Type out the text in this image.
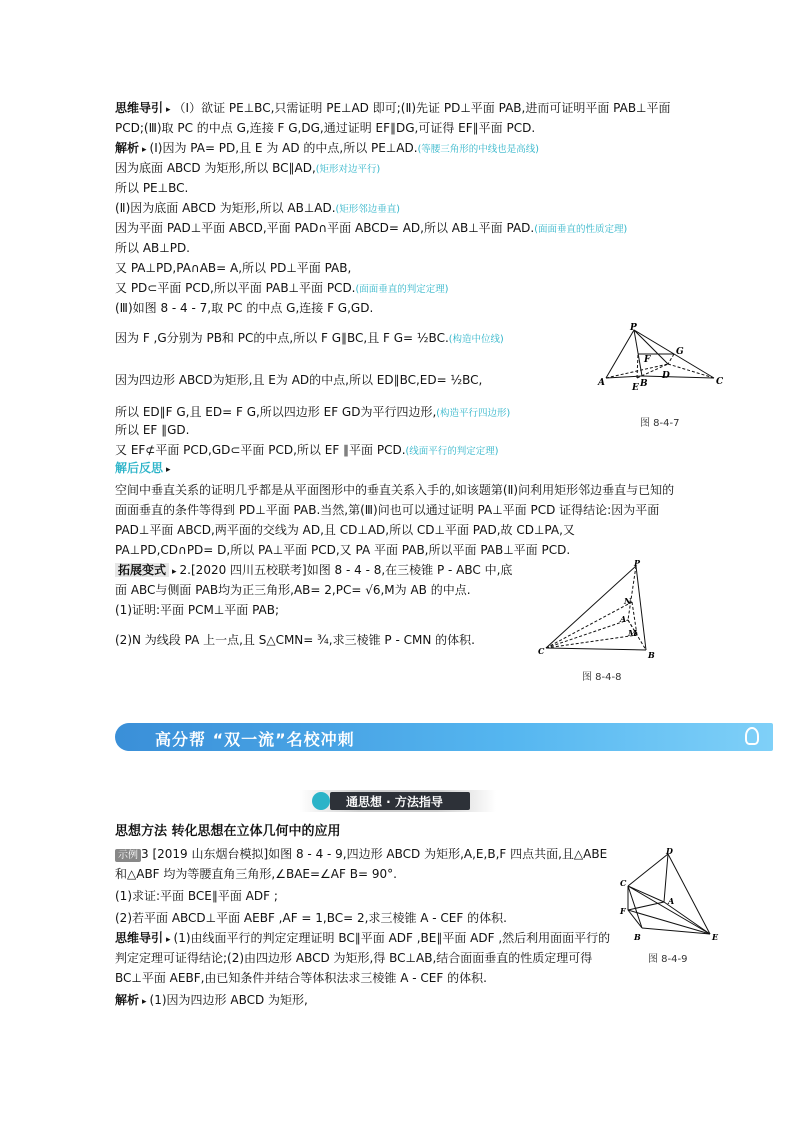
思维导引 ▸ （Ⅰ）欲证 PE⊥BC,只需证明 PE⊥AD 即可;(Ⅱ)先证 PD⊥平面 PAB,进而可证明平面 PAB⊥平面
PCD;(Ⅲ)取 PC 的中点 G,连接 F G,DG,通过证明 EF∥DG,可证得 EF∥平面 PCD.
解析 ▸ (Ⅰ)因为 PA= PD,且 E 为 AD 的中点,所以 PE⊥AD.(等腰三角形的中线也是高线)
因为底面 ABCD 为矩形,所以 BC∥AD,(矩形对边平行)
所以 PE⊥BC.
(Ⅱ)因为底面 ABCD 为矩形,所以 AB⊥AD.(矩形邻边垂直)
因为平面 PAD⊥平面 ABCD,平面 PAD∩平面 ABCD= AD,所以 AB⊥平面 PAD.(面面垂直的性质定理)
所以 AB⊥PD.
又 PA⊥PD,PA∩AB= A,所以 PD⊥平面 PAB,
又 PD⊂平面 PCD,所以平面 PAB⊥平面 PCD.(面面垂直的判定定理)
(Ⅲ)如图 8 - 4 - 7,取 PC 的中点 G,连接 F G,GD.
因为 F ,G分别为 PB和 PC的中点,所以 F G∥BC,且 F G= ½BC.(构造中位线)
因为四边形 ABCD为矩形,且 E为 AD的中点,所以 ED∥BC,ED= ½BC,
所以 ED∥F G,且 ED= F G,所以四边形 EF GD为平行四边形,(构造平行四边形)
所以 EF ∥GD.
又 EF⊄平面 PCD,GD⊂平面 PCD,所以 EF ∥平面 PCD.(线面平行的判定定理)
解后反思 ▸
空间中垂直关系的证明几乎都是从平面图形中的垂直关系入手的,如该题第(Ⅱ)问利用矩形邻边垂直与已知的
面面垂直的条件等得到 PD⊥平面 PAB.当然,第(Ⅲ)问也可以通过证明 PA⊥平面 PCD 证得结论:因为平面
PAD⊥平面 ABCD,两平面的交线为 AD,且 CD⊥AD,所以 CD⊥平面 PAD,故 CD⊥PA,又
PA⊥PD,CD∩PD= D,所以 PA⊥平面 PCD,又 PA 平面 PAB,所以平面 PAB⊥平面 PCD.
拓展变式 ▸ 2.[2020 四川五校联考]如图 8 - 4 - 8,在三棱锥 P - ABC 中,底
面 ABC与侧面 PAB均为正三角形,AB= 2,PC= √6,M为 AB 的中点.
(1)证明:平面 PCM⊥平面 PAB;
(2)N 为线段 PA 上一点,且 S△CMN= ¾,求三棱锥 P - CMN 的体积.
P
A	B	C
D
E
F
G
图 8-4-7
P
C	B
A
N
M
图 8-4-8
高分帮 “双一流”名校冲刺
通思想 · 方法指导
思想方法 转化思想在立体几何中的应用
示例 3 [2019 山东烟台模拟]如图 8 - 4 - 9,四边形 ABCD 为矩形,A,E,B,F 四点共面,且△ABE
和△ABF 均为等腰直角三角形,∠BAE=∠AF B= 90°.
(1)求证:平面 BCE∥平面 ADF ;
(2)若平面 ABCD⊥平面 AEBF ,AF = 1,BC= 2,求三棱锥 A - CEF 的体积.
思维导引 ▸ (1)由线面平行的判定定理证明 BC∥平面 ADF ,BE∥平面 ADF ,然后利用面面平行的
判定定理可证得结论;(2)由四边形 ABCD 为矩形,得 BC⊥AB,结合面面垂直的性质定理可得
BC⊥平面 AEBF,由已知条件并结合等体积法求三棱锥 A - CEF 的体积.
解析 ▸ (1)因为四边形 ABCD 为矩形,
D
C
A
F
B	E
图 8-4-9
